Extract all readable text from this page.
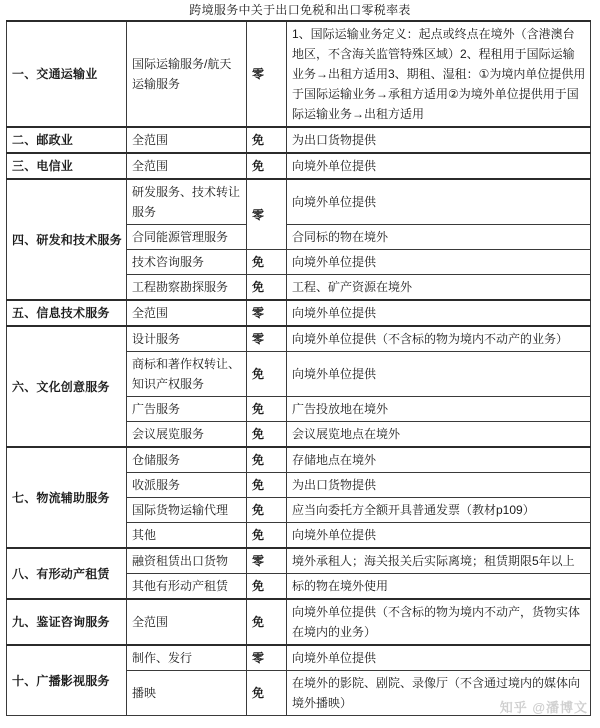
跨境服务中关于出口免税和出口零税率表
一、交通运输业	国际运输服务/航天运输服务	零	1、国际运输业务定义：起点或终点在境外（含港澳台地区，不含海关监管特殊区域）2、程租用于国际运输业务→出租方适用3、期租、湿租：①为境内单位提供用于国际运输业务→承租方适用②为境外单位提供用于国际运输业务→出租方适用
二、邮政业	全范围	免	为出口货物提供
三、电信业	全范围	免	向境外单位提供
四、研发和技术服务	研发服务、技术转让服务	零	向境外单位提供
	合同能源管理服务		合同标的物在境外
	技术咨询服务	免	向境外单位提供
	工程勘察勘探服务	免	工程、矿产资源在境外
五、信息技术服务	全范围	零	向境外单位提供
六、文化创意服务	设计服务	零	向境外单位提供（不含标的物为境内不动产的业务）
	商标和著作权转让、知识产权服务	免	向境外单位提供
	广告服务	免	广告投放地在境外
	会议展览服务	免	会议展览地点在境外
七、物流辅助服务	仓储服务	免	存储地点在境外
	收派服务	免	为出口货物提供
	国际货物运输代理	免	应当向委托方全额开具普通发票（教材p109）
	其他	免	向境外单位提供
八、有形动产租赁	融资租赁出口货物	零	境外承租人；海关报关后实际离境；租赁期限5年以上
	其他有形动产租赁	免	标的物在境外使用
九、鉴证咨询服务	全范围	免	向境外单位提供（不含标的物为境内不动产，货物实体在境内的业务）
十、广播影视服务	制作、发行	零	向境外单位提供
	播映	免	在境外的影院、剧院、录像厅（不含通过境内的媒体向境外播映）	知乎 @潘博文
